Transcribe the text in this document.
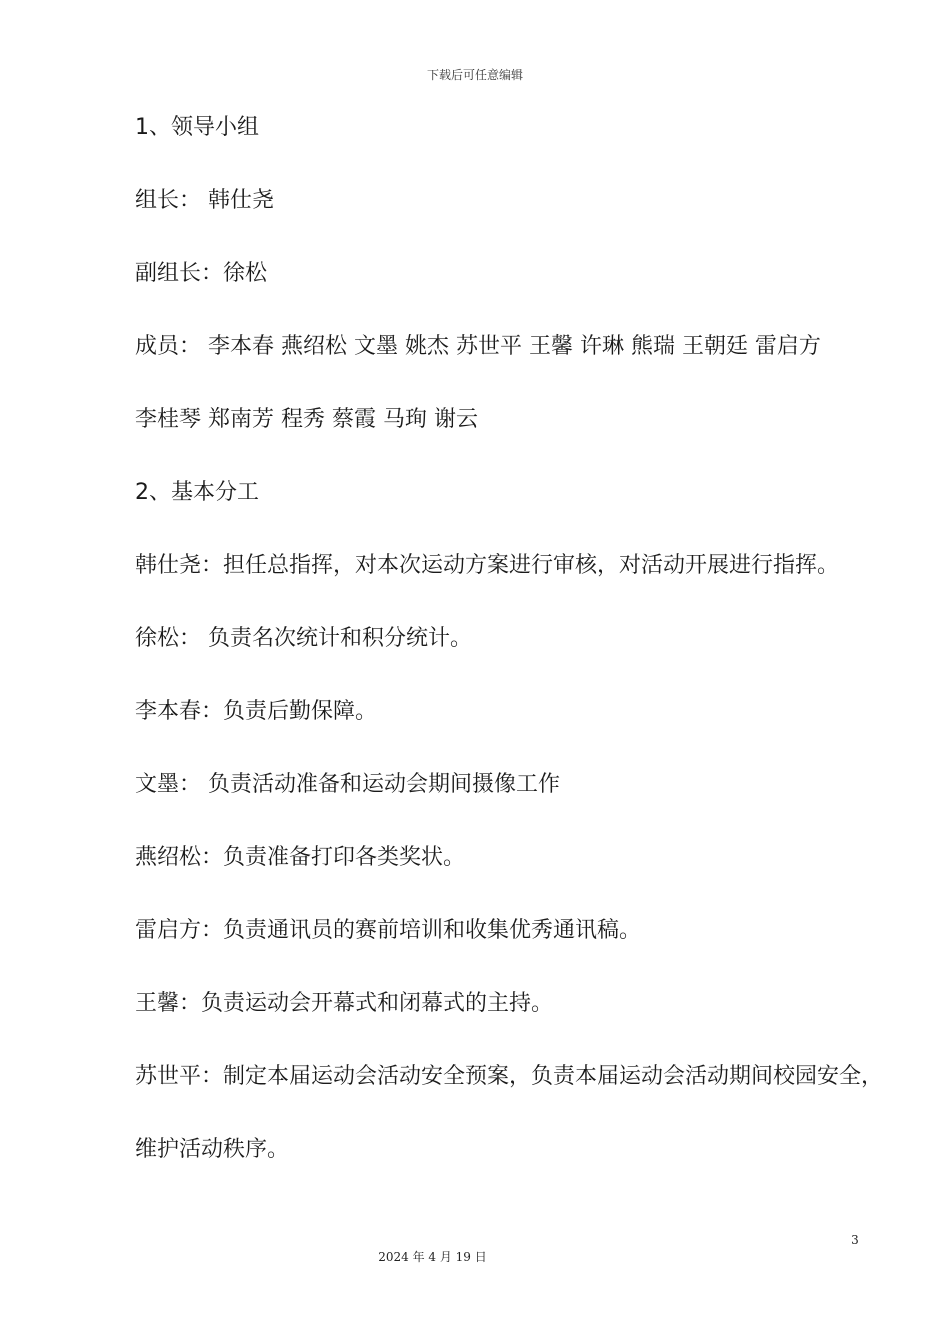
下载后可任意编辑
1、领导小组
组长： 韩仕尧
副组长：徐松
成员： 李本春 燕绍松 文墨 姚杰 苏世平 王馨 许琳 熊瑞 王朝廷 雷启方
李桂琴 郑南芳 程秀 蔡霞 马珣 谢云
2、基本分工
韩仕尧：担任总指挥，对本次运动方案进行审核，对活动开展进行指挥。
徐松： 负责名次统计和积分统计。
李本春：负责后勤保障。
文墨： 负责活动准备和运动会期间摄像工作
燕绍松：负责准备打印各类奖状。
雷启方：负责通讯员的赛前培训和收集优秀通讯稿。
王馨：负责运动会开幕式和闭幕式的主持。
苏世平：制定本届运动会活动安全预案，负责本届运动会活动期间校园安全，
维护活动秩序。
3
2024 年 4 月 19 日
